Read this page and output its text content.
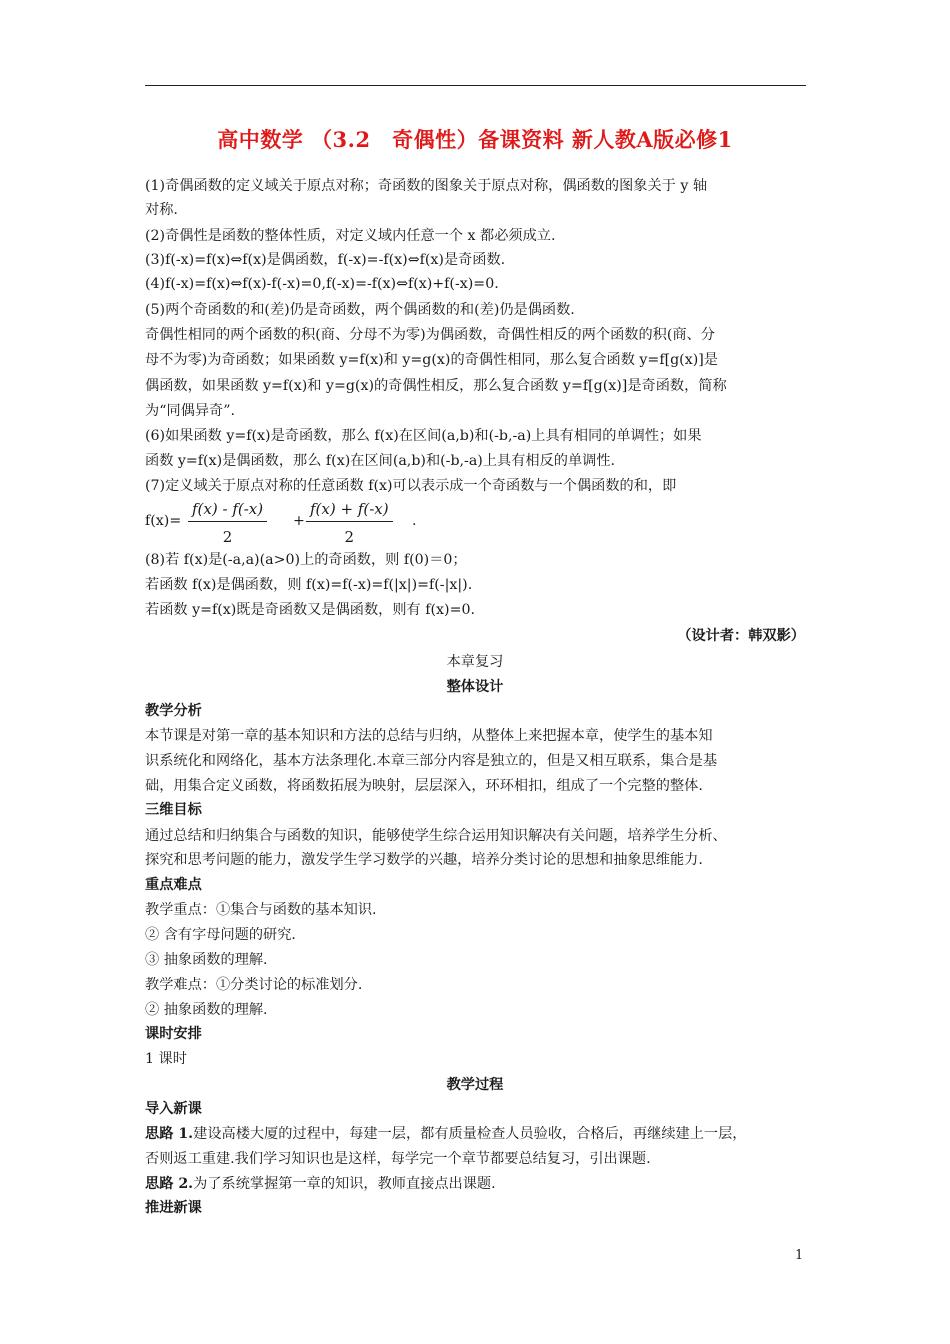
高中数学 （3.2　奇偶性）备课资料 新人教A版必修1
(1)奇偶函数的定义域关于原点对称；奇函数的图象关于原点对称，偶函数的图象关于 y 轴
对称.
(2)奇偶性是函数的整体性质，对定义域内任意一个 x 都必须成立.
(3)f(-x)=f(x)⇔f(x)是偶函数，f(-x)=-f(x)⇔f(x)是奇函数.
(4)f(-x)=f(x)⇔f(x)-f(-x)=0,f(-x)=-f(x)⇔f(x)+f(-x)=0.
(5)两个奇函数的和(差)仍是奇函数，两个偶函数的和(差)仍是偶函数.
奇偶性相同的两个函数的积(商、分母不为零)为偶函数，奇偶性相反的两个函数的积(商、分
母不为零)为奇函数；如果函数 y=f(x)和 y=g(x)的奇偶性相同，那么复合函数 y=f[g(x)]是
偶函数，如果函数 y=f(x)和 y=g(x)的奇偶性相反，那么复合函数 y=f[g(x)]是奇函数，简称
为“同偶异奇”.
(6)如果函数 y=f(x)是奇函数，那么 f(x)在区间(a,b)和(-b,-a)上具有相同的单调性；如果
函数 y=f(x)是偶函数，那么 f(x)在区间(a,b)和(-b,-a)上具有相反的单调性.
(7)定义域关于原点对称的任意函数 f(x)可以表示成一个奇函数与一个偶函数的和，即
$f(x)= \frac{f(x) - f(-x)}{2} + \frac{f(x) + f(-x)}{2}$ .
(8)若 f(x)是(-a,a)(a>0)上的奇函数，则 f(0)＝0；
若函数 f(x)是偶函数，则 f(x)=f(-x)=f(|x|)=f(-|x|).
若函数 y=f(x)既是奇函数又是偶函数，则有 f(x)=0.
（设计者：韩双影）
本章复习
整体设计
教学分析
本节课是对第一章的基本知识和方法的总结与归纳，从整体上来把握本章，使学生的基本知
识系统化和网络化，基本方法条理化.本章三部分内容是独立的，但是又相互联系，集合是基
础，用集合定义函数，将函数拓展为映射，层层深入，环环相扣，组成了一个完整的整体.
三维目标
通过总结和归纳集合与函数的知识，能够使学生综合运用知识解决有关问题，培养学生分析、
探究和思考问题的能力，激发学生学习数学的兴趣，培养分类讨论的思想和抽象思维能力.
重点难点
教学重点：①集合与函数的基本知识.
② 含有字母问题的研究.
③ 抽象函数的理解.
教学难点：①分类讨论的标准划分.
② 抽象函数的理解.
课时安排
1 课时
教学过程
导入新课
思路 1.建设高楼大厦的过程中，每建一层，都有质量检查人员验收，合格后，再继续建上一层，
否则返工重建.我们学习知识也是这样，每学完一个章节都要总结复习，引出课题.
思路 2.为了系统掌握第一章的知识，教师直接点出课题.
推进新课
1
